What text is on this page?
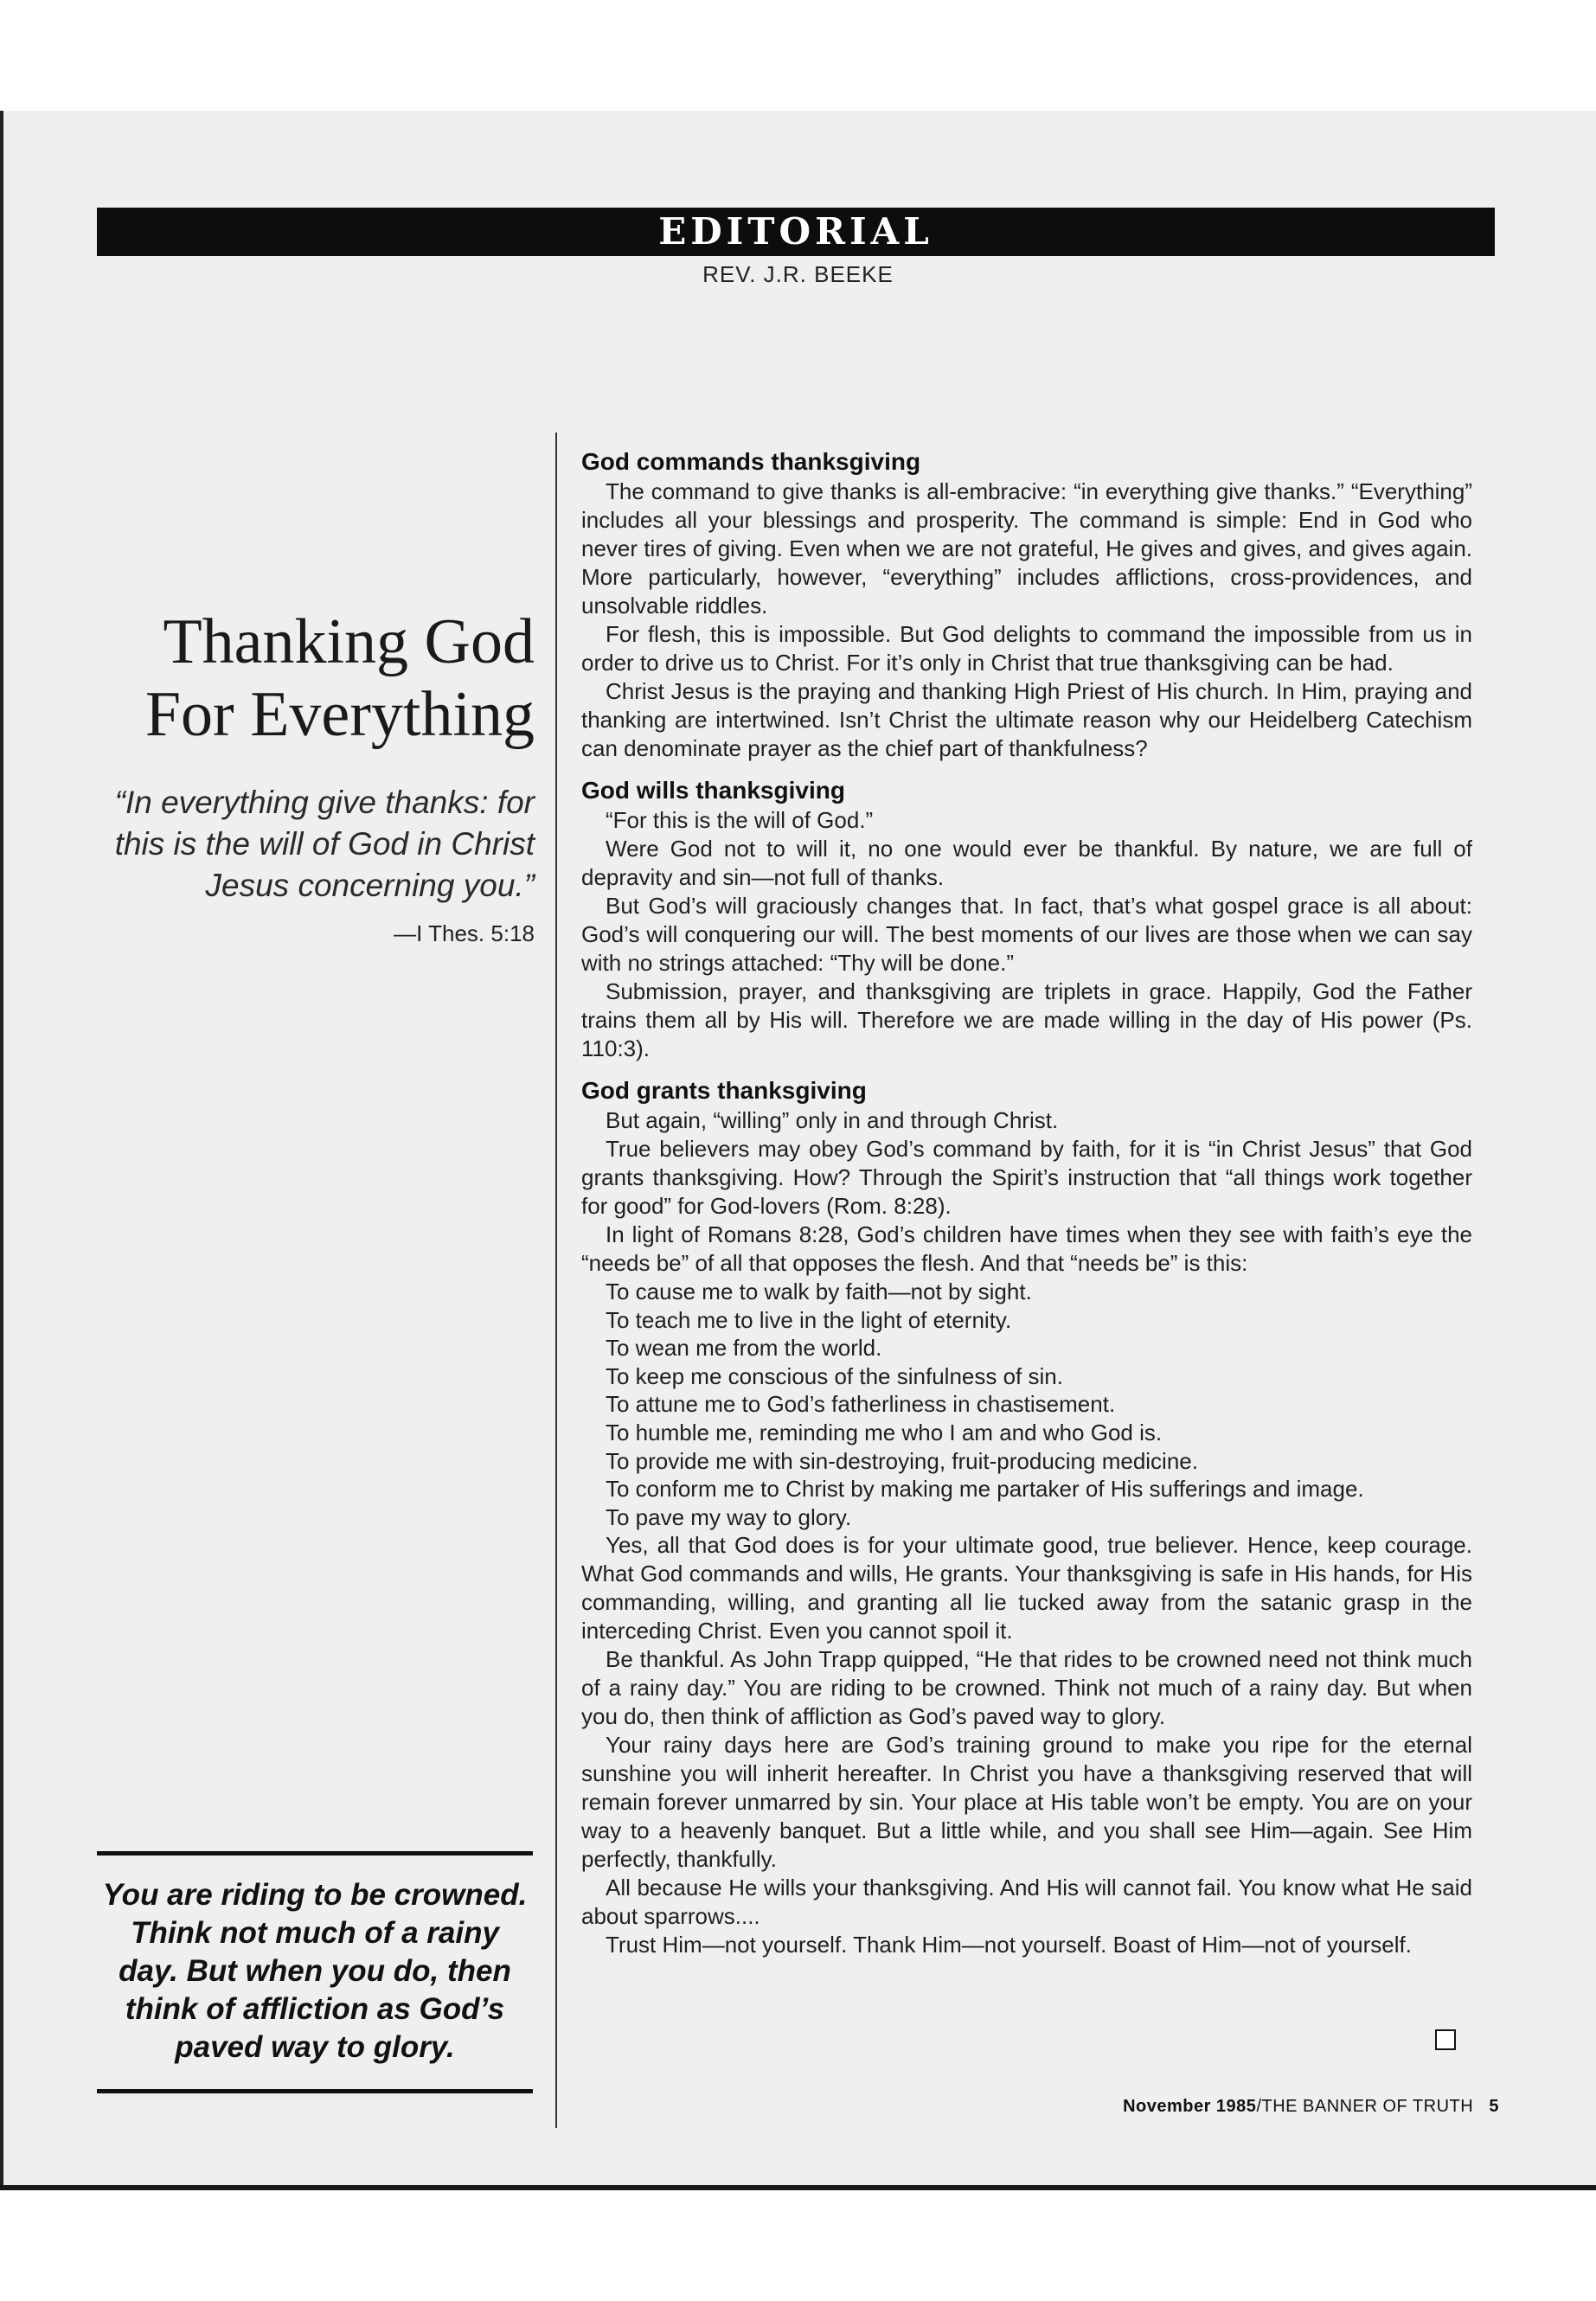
EDITORIAL
REV. J.R. BEEKE
Thanking God
For Everything
“In everything give thanks: for this is the will of God in Christ Jesus concerning you.”
—I Thes. 5:18
You are riding to be crowned. Think not much of a rainy day. But when you do, then think of affliction as God’s paved way to glory.
God commands thanksgiving

The command to give thanks is all-embracive: “in everything give thanks.” “Everything” includes all your blessings and prosperity. The command is simple: End in God who never tires of giving. Even when we are not grateful, He gives and gives, and gives again. More particularly, however, “everything” includes afflictions, cross-providences, and unsolvable riddles.

For flesh, this is impossible. But God delights to command the impossible from us in order to drive us to Christ. For it’s only in Christ that true thanksgiving can be had.

Christ Jesus is the praying and thanking High Priest of His church. In Him, praying and thanking are intertwined. Isn’t Christ the ultimate reason why our Heidelberg Catechism can denominate prayer as the chief part of thankfulness?

God wills thanksgiving

“For this is the will of God.”

Were God not to will it, no one would ever be thankful. By nature, we are full of depravity and sin—not full of thanks.

But God’s will graciously changes that. In fact, that’s what gospel grace is all about: God’s will conquering our will. The best moments of our lives are those when we can say with no strings attached: “Thy will be done.”

Submission, prayer, and thanksgiving are triplets in grace. Happily, God the Father trains them all by His will. Therefore we are made willing in the day of His power (Ps. 110:3).

God grants thanksgiving

But again, “willing” only in and through Christ.

True believers may obey God’s command by faith, for it is “in Christ Jesus” that God grants thanksgiving. How? Through the Spirit’s instruction that “all things work together for good” for God-lovers (Rom. 8:28).

In light of Romans 8:28, God’s children have times when they see with faith’s eye the “needs be” of all that opposes the flesh. And that “needs be” is this:

To cause me to walk by faith—not by sight.

To teach me to live in the light of eternity.

To wean me from the world.

To keep me conscious of the sinfulness of sin.

To attune me to God’s fatherliness in chastisement.

To humble me, reminding me who I am and who God is.

To provide me with sin-destroying, fruit-producing medicine.

To conform me to Christ by making me partaker of His sufferings and image.

To pave my way to glory.

Yes, all that God does is for your ultimate good, true believer. Hence, keep courage. What God commands and wills, He grants. Your thanksgiving is safe in His hands, for His commanding, willing, and granting all lie tucked away from the satanic grasp in the interceding Christ. Even you cannot spoil it.

Be thankful. As John Trapp quipped, “He that rides to be crowned need not think much of a rainy day.” You are riding to be crowned. Think not much of a rainy day. But when you do, then think of affliction as God’s paved way to glory.

Your rainy days here are God’s training ground to make you ripe for the eternal sunshine you will inherit hereafter. In Christ you have a thanksgiving reserved that will remain forever unmarred by sin. Your place at His table won’t be empty. You are on your way to a heavenly banquet. But a little while, and you shall see Him—again. See Him perfectly, thankfully.

All because He wills your thanksgiving. And His will cannot fail. You know what He said about sparrows....

Trust Him—not yourself. Thank Him—not yourself. Boast of Him—not of yourself.

November 1985/THE BANNER OF TRUTH 5
